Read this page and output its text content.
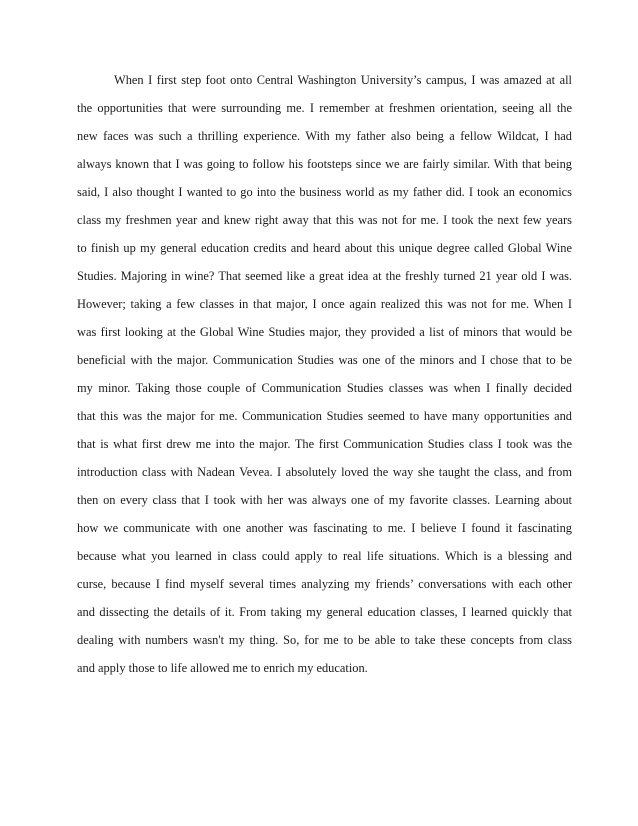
When I first step foot onto Central Washington University’s campus, I was amazed at all
the opportunities that were surrounding me. I remember at freshmen orientation, seeing all the
new faces was such a thrilling experience. With my father also being a fellow Wildcat, I had
always known that I was going to follow his footsteps since we are fairly similar. With that being
said, I also thought I wanted to go into the business world as my father did. I took an economics
class my freshmen year and knew right away that this was not for me. I took the next few years
to finish up my general education credits and heard about this unique degree called Global Wine
Studies. Majoring in wine? That seemed like a great idea at the freshly turned 21 year old I was.
However; taking a few classes in that major, I once again realized this was not for me. When I
was first looking at the Global Wine Studies major, they provided a list of minors that would be
beneficial with the major. Communication Studies was one of the minors and I chose that to be
my minor. Taking those couple of Communication Studies classes was when I finally decided
that this was the major for me. Communication Studies seemed to have many opportunities and
that is what first drew me into the major. The first Communication Studies class I took was the
introduction class with Nadean Vevea. I absolutely loved the way she taught the class, and from
then on every class that I took with her was always one of my favorite classes. Learning about
how we communicate with one another was fascinating to me. I believe I found it fascinating
because what you learned in class could apply to real life situations. Which is a blessing and
curse, because I find myself several times analyzing my friends’ conversations with each other
and dissecting the details of it. From taking my general education classes, I learned quickly that
dealing with numbers wasn't my thing. So, for me to be able to take these concepts from class
and apply those to life allowed me to enrich my education.
